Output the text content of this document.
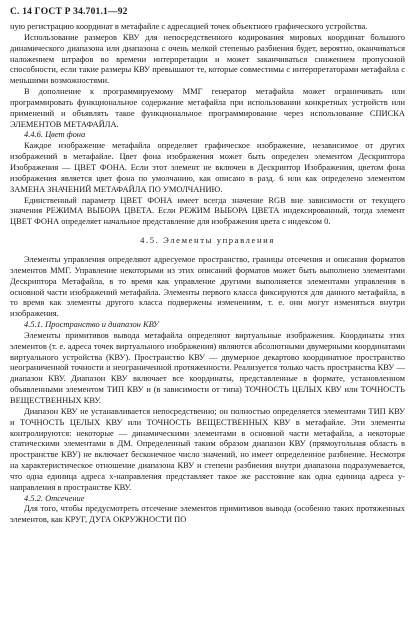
С. 14 ГОСТ Р 34.701.1—92

ную регистрацию координат в метафайле с адресацией точек объектного графического устройства.

Использование размеров КВУ для непосредственного кодирования мировых координат большого динамического диапазона или диапазона с очень мелкой степенью разбиения будет, вероятно, оканчиваться наложением штрафов во времени интерпретации и может заканчиваться снижением пропускной способности, если такие размеры КВУ превышают те, которые совместимы с интерпретаторами метафайла с меньшими возможностями.

В дополнение к программируемому ММГ генератор метафайла может ограничивать или программировать функциональное содержание метафайла при использовании конкретных устройств или применений и объявлять такое функциональное программирование через использование СПИСКА ЭЛЕМЕНТОВ МЕТАФАЙЛА.

4.4.6. Цвет фона

Каждое изображение метафайла определяет графическое изображение, независимое от других изображений в метафайле. Цвет фона изображения может быть определен элементом Дескриптора Изображения — ЦВЕТ ФОНА. Если этот элемент не включен в Дескриптор Изображения, цветом фона изображения является цвет фона по умолчанию, как описано в разд. 6 или как определено элементом ЗАМЕНА ЗНАЧЕНИЙ МЕТАФАЙЛА ПО УМОЛЧАНИЮ.

Единственный параметр ЦВЕТ ФОНА имеет всегда значение RGB вне зависимости от текущего значения РЕЖИМА ВЫБОРА ЦВЕТА. Если РЕЖИМ ВЫБОРА ЦВЕТА индексированный, тогда элемент ЦВЕТ ФОНА определяет начальное представление для изображения цвета с индексом 0.

4.5. Элементы управления

Элементы управления определяют адресуемое пространство, границы отсечения и описания форматов элементов ММГ. Управление некоторыми из этих описаний форматов может быть выполнено элементами Дескриптора Метафайла, в то время как управление другими выполняется элементами управления в основной части изображений метафайла. Элементы первого класса фиксируются для данного метафайла, в то время как элементы другого класса подвержены изменениям, т. е. они могут изменяться внутри изображения.

4.5.1. Пространство и диапазон КВУ

Элементы примитивов вывода метафайла определяют виртуальные изображения. Координаты этих элементов (т. е. адреса точек виртуального изображения) являются абсолютными двумерными координатами виртуального устройства (КВУ). Пространство КВУ — двумерное декартово координатное пространство неограниченной точности и неограниченной протяженности. Реализуется только часть пространства КВУ — диапазон КВУ. Диапазон КВУ включает все координаты, представленные в формате, установленном объявленными элементом ТИП КВУ и (в зависимости от типа) ТОЧНОСТЬ ЦЕЛЫХ КВУ или ТОЧНОСТЬ ВЕЩЕСТВЕННЫХ КВУ.

Диапазон КВУ не устанавливается непосредственно; он полностью определяется элементами ТИП КВУ и ТОЧНОСТЬ ЦЕЛЫХ КВУ или ТОЧНОСТЬ ВЕЩЕСТВЕННЫХ КВУ в метафайле. Эти элементы контролируются: некоторые — динамическими элементами в основной части метафайла, а некоторые статическими элементами в ДМ. Определенный таким образом диапазон КВУ (прямоугольная область в пространстве КВУ) не включает бесконечное число значений, но имеет определенное разбиение. Несмотря на характеристическое отношение диапазона КВУ и степени разбиения внутри диапазона подразумевается, что одна единица адреса x-направления представляет такое же расстояние как одна единица адреса y-направления в пространстве КВУ.

4.5.2. Отсечение

Для того, чтобы предусмотреть отсечение элементов примитивов вывода (особенно таких протяженных элементов, как КРУГ, ДУГА ОКРУЖНОСТИ ПО
